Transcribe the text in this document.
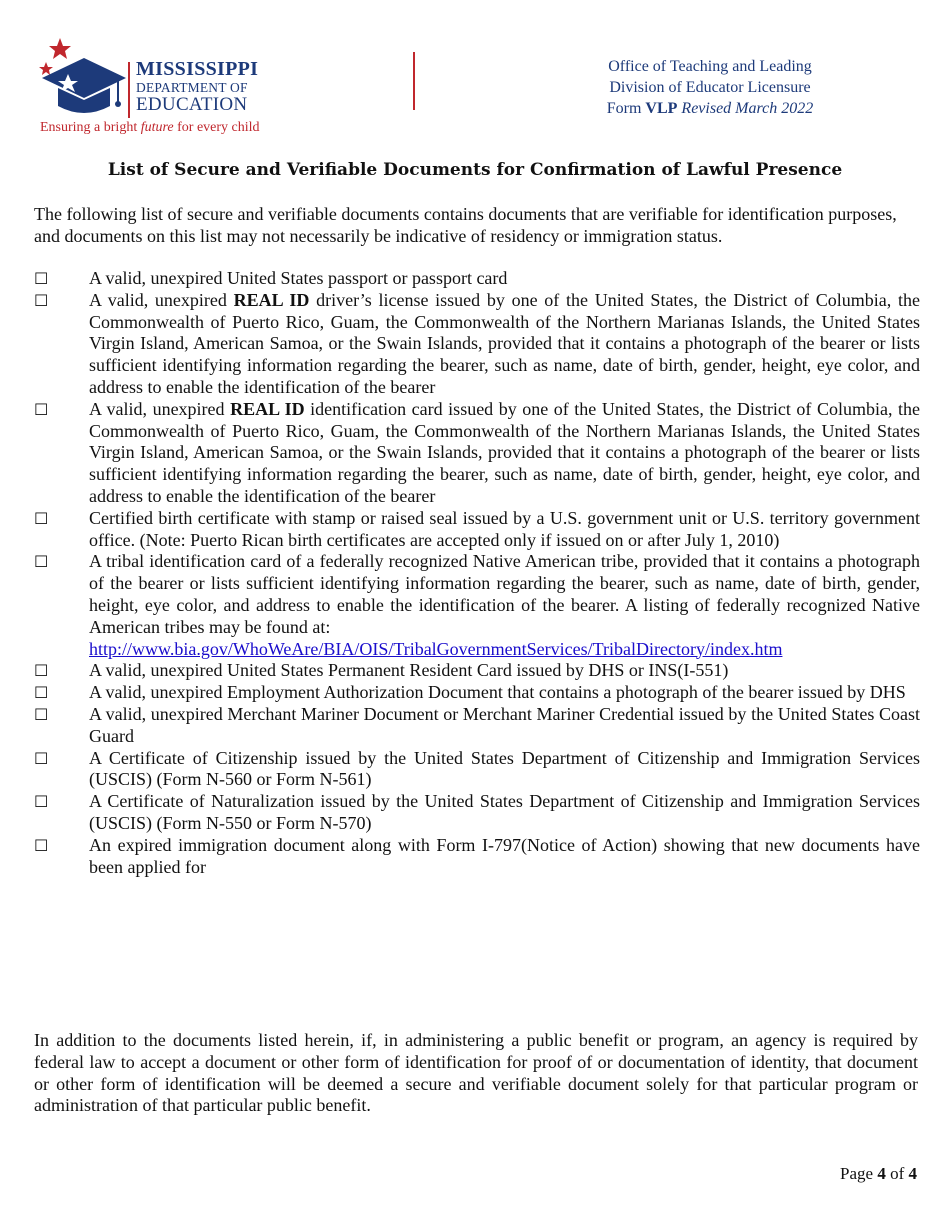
MISSISSIPPI
DEPARTMENT OF
EDUCATION
Ensuring a bright future for every child
Office of Teaching and Leading
Division of Educator Licensure
Form VLP Revised March 2022
List of Secure and Verifiable Documents for Confirmation of Lawful Presence
The following list of secure and verifiable documents contains documents that are verifiable for identification purposes, and documents on this list may not necessarily be indicative of residency or immigration status.
☐	A valid, unexpired United States passport or passport card
☐	A valid, unexpired REAL ID driver’s license issued by one of the United States, the District of Columbia, the Commonwealth of Puerto Rico, Guam, the Commonwealth of the Northern Marianas Islands, the United States Virgin Island, American Samoa, or the Swain Islands, provided that it contains a photograph of the bearer or lists sufficient identifying information regarding the bearer, such as name, date of birth, gender, height, eye color, and address to enable the identification of the bearer
☐	A valid, unexpired REAL ID identification card issued by one of the United States, the District of Columbia, the Commonwealth of Puerto Rico, Guam, the Commonwealth of the Northern Marianas Islands, the United States Virgin Island, American Samoa, or the Swain Islands, provided that it contains a photograph of the bearer or lists sufficient identifying information regarding the bearer, such as name, date of birth, gender, height, eye color, and address to enable the identification of the bearer
☐	Certified birth certificate with stamp or raised seal issued by a U.S. government unit or U.S. territory government office. (Note: Puerto Rican birth certificates are accepted only if issued on or after July 1, 2010)
☐	A tribal identification card of a federally recognized Native American tribe, provided that it contains a photograph of the bearer or lists sufficient identifying information regarding the bearer, such as name, date of birth, gender, height, eye color, and address to enable the identification of the bearer. A listing of federally recognized Native American tribes may be found at:
http://www.bia.gov/WhoWeAre/BIA/OIS/TribalGovernmentServices/TribalDirectory/index.htm
☐	A valid, unexpired United States Permanent Resident Card issued by DHS or INS(I-551)
☐	A valid, unexpired Employment Authorization Document that contains a photograph of the bearer issued by DHS
☐	A valid, unexpired Merchant Mariner Document or Merchant Mariner Credential issued by the United States Coast Guard
☐	A Certificate of Citizenship issued by the United States Department of Citizenship and Immigration Services (USCIS) (Form N-560 or Form N-561)
☐	A Certificate of Naturalization issued by the United States Department of Citizenship and Immigration Services (USCIS) (Form N-550 or Form N-570)
☐	An expired immigration document along with Form I-797(Notice of Action) showing that new documents have been applied for
In addition to the documents listed herein, if, in administering a public benefit or program, an agency is required by federal law to accept a document or other form of identification for proof of or documentation of identity, that document or other form of identification will be deemed a secure and verifiable document solely for that particular program or administration of that particular public benefit.
Page 4 of 4
